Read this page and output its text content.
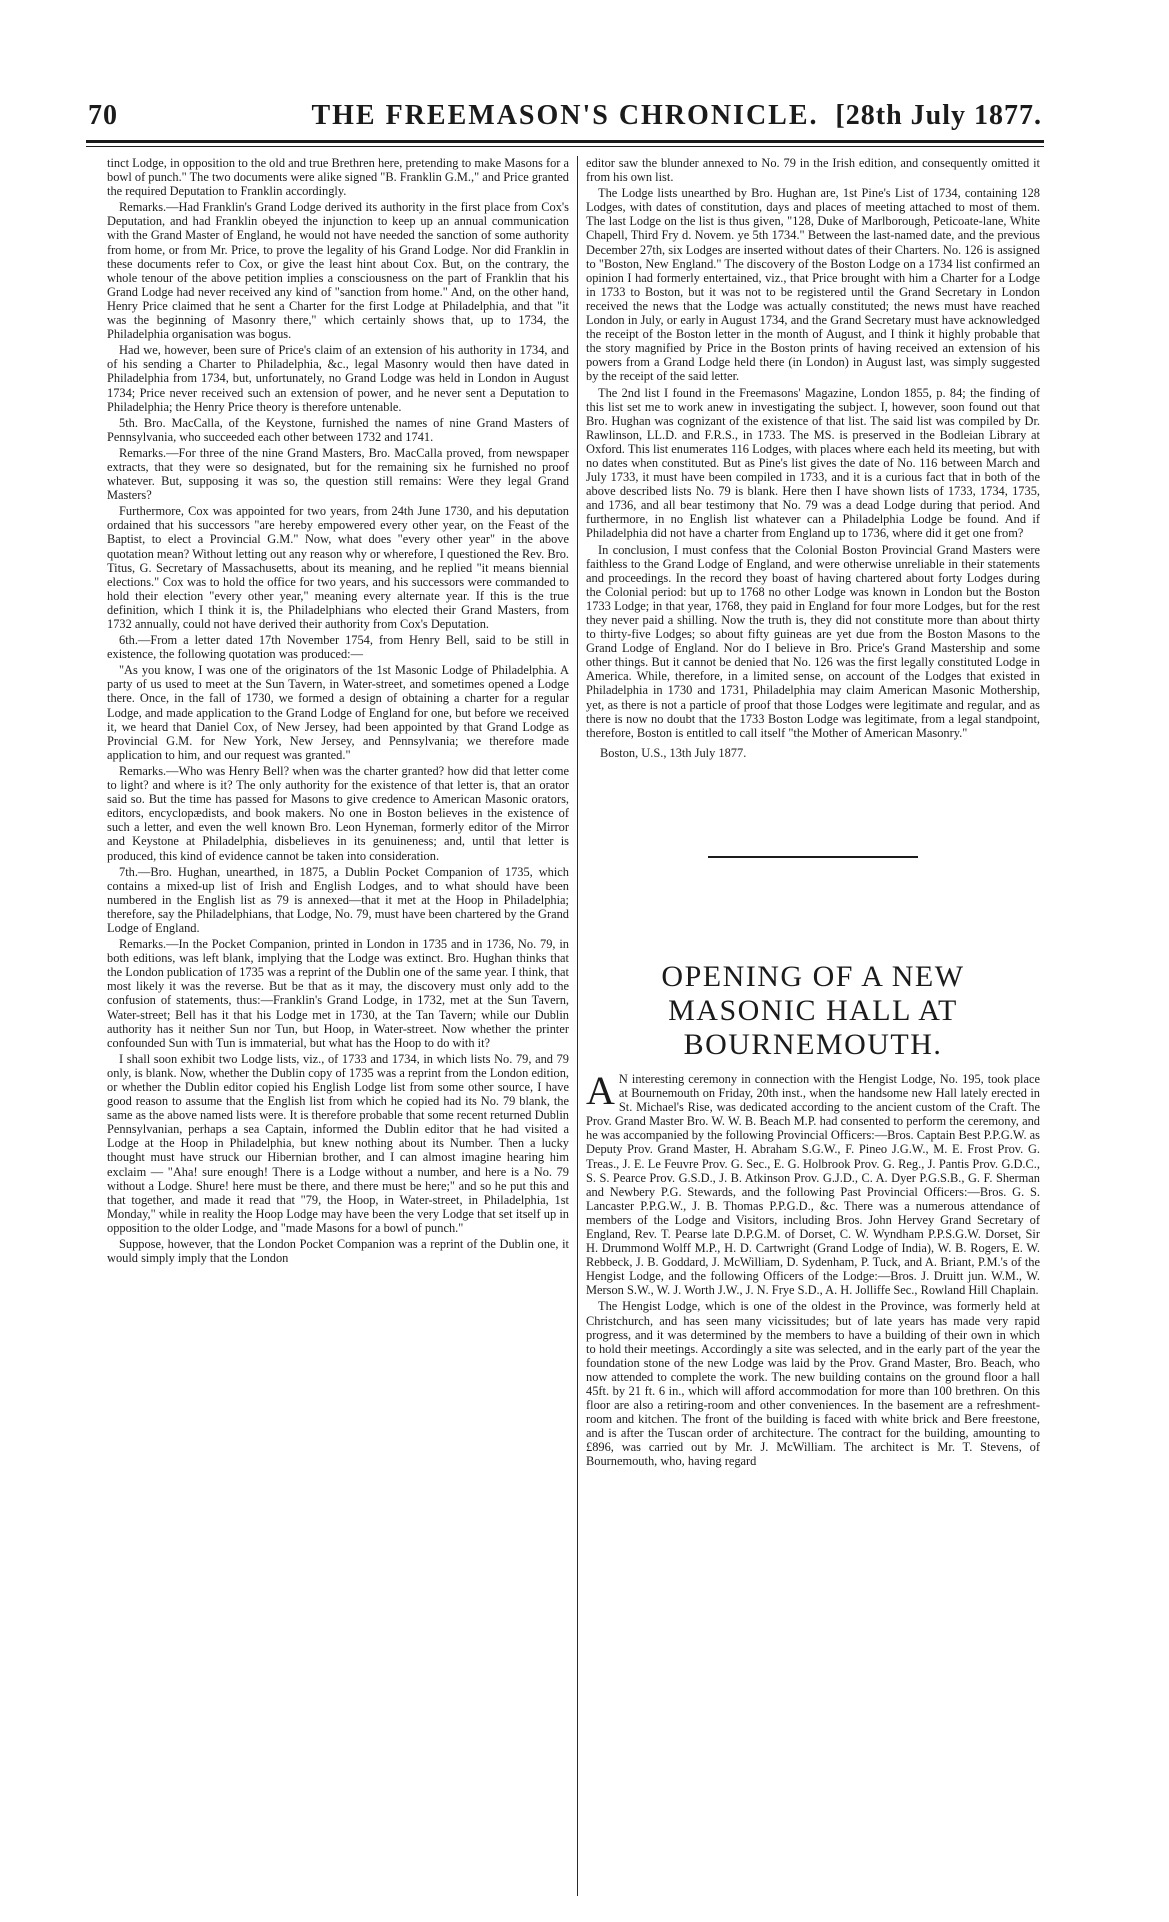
70	THE FREEMASON'S CHRONICLE. [28th July 1877.

tinct Lodge, in opposition to the old and true Brethren here, pretending to make Masons for a bowl of punch." The two documents were alike signed "B. Franklin G.M.," and Price granted the required Deputation to Franklin accordingly.

Remarks.—Had Franklin's Grand Lodge derived its authority in the first place from Cox's Deputation, and had Franklin obeyed the injunction to keep up an annual communication with the Grand Master of England, he would not have needed the sanction of some authority from home, or from Mr. Price, to prove the legality of his Grand Lodge. Nor did Franklin in these documents refer to Cox, or give the least hint about Cox. But, on the contrary, the whole tenour of the above petition implies a consciousness on the part of Franklin that his Grand Lodge had never received any kind of "sanction from home." And, on the other hand, Henry Price claimed that he sent a Charter for the first Lodge at Philadelphia, and that "it was the beginning of Masonry there," which certainly shows that, up to 1734, the Philadelphia organisation was bogus.

Had we, however, been sure of Price's claim of an extension of his authority in 1734, and of his sending a Charter to Philadelphia, &c., legal Masonry would then have dated in Philadelphia from 1734, but, unfortunately, no Grand Lodge was held in London in August 1734; Price never received such an extension of power, and he never sent a Deputation to Philadelphia; the Henry Price theory is therefore untenable.

5th. Bro. MacCalla, of the Keystone, furnished the names of nine Grand Masters of Pennsylvania, who succeeded each other between 1732 and 1741.

Remarks.—For three of the nine Grand Masters, Bro. MacCalla proved, from newspaper extracts, that they were so designated, but for the remaining six he furnished no proof whatever. But, supposing it was so, the question still remains: Were they legal Grand Masters?

Furthermore, Cox was appointed for two years, from 24th June 1730, and his deputation ordained that his successors "are hereby empowered every other year, on the Feast of the Baptist, to elect a Provincial G.M." Now, what does "every other year" in the above quotation mean? Without letting out any reason why or wherefore, I questioned the Rev. Bro. Titus, G. Secretary of Massachusetts, about its meaning, and he replied "it means biennial elections." Cox was to hold the office for two years, and his successors were commanded to hold their election "every other year," meaning every alternate year. If this is the true definition, which I think it is, the Philadelphians who elected their Grand Masters, from 1732 annually, could not have derived their authority from Cox's Deputation.

6th.—From a letter dated 17th November 1754, from Henry Bell, said to be still in existence, the following quotation was produced:—

"As you know, I was one of the originators of the 1st Masonic Lodge of Philadelphia. A party of us used to meet at the Sun Tavern, in Water-street, and sometimes opened a Lodge there. Once, in the fall of 1730, we formed a design of obtaining a charter for a regular Lodge, and made application to the Grand Lodge of England for one, but before we received it, we heard that Daniel Cox, of New Jersey, had been appointed by that Grand Lodge as Provincial G.M. for New York, New Jersey, and Pennsylvania; we therefore made application to him, and our request was granted."

Remarks.—Who was Henry Bell? when was the charter granted? how did that letter come to light? and where is it? The only authority for the existence of that letter is, that an orator said so. But the time has passed for Masons to give credence to American Masonic orators, editors, encyclopædists, and book makers. No one in Boston believes in the existence of such a letter, and even the well known Bro. Leon Hyneman, formerly editor of the Mirror and Keystone at Philadelphia, disbelieves in its genuineness; and, until that letter is produced, this kind of evidence cannot be taken into consideration.

7th.—Bro. Hughan, unearthed, in 1875, a Dublin Pocket Companion of 1735, which contains a mixed-up list of Irish and English Lodges, and to what should have been numbered in the English list as 79 is annexed—that it met at the Hoop in Philadelphia; therefore, say the Philadelphians, that Lodge, No. 79, must have been chartered by the Grand Lodge of England.

Remarks.—In the Pocket Companion, printed in London in 1735 and in 1736, No. 79, in both editions, was left blank, implying that the Lodge was extinct. Bro. Hughan thinks that the London publication of 1735 was a reprint of the Dublin one of the same year. I think, that most likely it was the reverse. But be that as it may, the discovery must only add to the confusion of statements, thus:—Franklin's Grand Lodge, in 1732, met at the Sun Tavern, Water-street; Bell has it that his Lodge met in 1730, at the Tan Tavern; while our Dublin authority has it neither Sun nor Tun, but Hoop, in Water-street. Now whether the printer confounded Sun with Tun is immaterial, but what has the Hoop to do with it?

I shall soon exhibit two Lodge lists, viz., of 1733 and 1734, in which lists No. 79, and 79 only, is blank. Now, whether the Dublin copy of 1735 was a reprint from the London edition, or whether the Dublin editor copied his English Lodge list from some other source, I have good reason to assume that the English list from which he copied had its No. 79 blank, the same as the above named lists were. It is therefore probable that some recent returned Dublin Pennsylvanian, perhaps a sea Captain, informed the Dublin editor that he had visited a Lodge at the Hoop in Philadelphia, but knew nothing about its Number. Then a lucky thought must have struck our Hibernian brother, and I can almost imagine hearing him exclaim — "Aha! sure enough! There is a Lodge without a number, and here is a No. 79 without a Lodge. Shure! here must be there, and there must be here;" and so he put this and that together, and made it read that "79, the Hoop, in Water-street, in Philadelphia, 1st Monday," while in reality the Hoop Lodge may have been the very Lodge that set itself up in opposition to the older Lodge, and "made Masons for a bowl of punch."

Suppose, however, that the London Pocket Companion was a reprint of the Dublin one, it would simply imply that the London

editor saw the blunder annexed to No. 79 in the Irish edition, and consequently omitted it from his own list.

The Lodge lists unearthed by Bro. Hughan are, 1st Pine's List of 1734, containing 128 Lodges, with dates of constitution, days and places of meeting attached to most of them. The last Lodge on the list is thus given, "128, Duke of Marlborough, Peticoate-lane, White Chapell, Third Fry d. Novem. ye 5th 1734." Between the last-named date, and the previous December 27th, six Lodges are inserted without dates of their Charters. No. 126 is assigned to "Boston, New England." The discovery of the Boston Lodge on a 1734 list confirmed an opinion I had formerly entertained, viz., that Price brought with him a Charter for a Lodge in 1733 to Boston, but it was not to be registered until the Grand Secretary in London received the news that the Lodge was actually constituted; the news must have reached London in July, or early in August 1734, and the Grand Secretary must have acknowledged the receipt of the Boston letter in the month of August, and I think it highly probable that the story magnified by Price in the Boston prints of having received an extension of his powers from a Grand Lodge held there (in London) in August last, was simply suggested by the receipt of the said letter.

The 2nd list I found in the Freemasons' Magazine, London 1855, p. 84; the finding of this list set me to work anew in investigating the subject. I, however, soon found out that Bro. Hughan was cognizant of the existence of that list. The said list was compiled by Dr. Rawlinson, LL.D. and F.R.S., in 1733. The MS. is preserved in the Bodleian Library at Oxford. This list enumerates 116 Lodges, with places where each held its meeting, but with no dates when constituted. But as Pine's list gives the date of No. 116 between March and July 1733, it must have been compiled in 1733, and it is a curious fact that in both of the above described lists No. 79 is blank. Here then I have shown lists of 1733, 1734, 1735, and 1736, and all bear testimony that No. 79 was a dead Lodge during that period. And furthermore, in no English list whatever can a Philadelphia Lodge be found. And if Philadelphia did not have a charter from England up to 1736, where did it get one from?

In conclusion, I must confess that the Colonial Boston Provincial Grand Masters were faithless to the Grand Lodge of England, and were otherwise unreliable in their statements and proceedings. In the record they boast of having chartered about forty Lodges during the Colonial period: but up to 1768 no other Lodge was known in London but the Boston 1733 Lodge; in that year, 1768, they paid in England for four more Lodges, but for the rest they never paid a shilling. Now the truth is, they did not constitute more than about thirty to thirty-five Lodges; so about fifty guineas are yet due from the Boston Masons to the Grand Lodge of England. Nor do I believe in Bro. Price's Grand Mastership and some other things. But it cannot be denied that No. 126 was the first legally constituted Lodge in America. While, therefore, in a limited sense, on account of the Lodges that existed in Philadelphia in 1730 and 1731, Philadelphia may claim American Masonic Mothership, yet, as there is not a particle of proof that those Lodges were legitimate and regular, and as there is now no doubt that the 1733 Boston Lodge was legitimate, from a legal standpoint, therefore, Boston is entitled to call itself "the Mother of American Masonry."

Boston, U.S., 13th July 1877.

OPENING OF A NEW MASONIC HALL AT BOURNEMOUTH.

A N interesting ceremony in connection with the Hengist Lodge, No. 195, took place at Bournemouth on Friday, 20th inst., when the handsome new Hall lately erected in St. Michael's Rise, was dedicated according to the ancient custom of the Craft. The Prov. Grand Master Bro. W. W. B. Beach M.P. had consented to perform the ceremony, and he was accompanied by the following Provincial Officers:—Bros. Captain Best P.P.G.W. as Deputy Prov. Grand Master, H. Abraham S.G.W., F. Pineo J.G.W., M. E. Frost Prov. G. Treas., J. E. Le Feuvre Prov. G. Sec., E. G. Holbrook Prov. G. Reg., J. Pantis Prov. G.D.C., S. S. Pearce Prov. G.S.D., J. B. Atkinson Prov. G.J.D., C. A. Dyer P.G.S.B., G. F. Sherman and Newbery P.G. Stewards, and the following Past Provincial Officers:—Bros. G. S. Lancaster P.P.G.W., J. B. Thomas P.P.G.D., &c. There was a numerous attendance of members of the Lodge and Visitors, including Bros. John Hervey Grand Secretary of England, Rev. T. Pearse late D.P.G.M. of Dorset, C. W. Wyndham P.P.S.G.W. Dorset, Sir H. Drummond Wolff M.P., H. D. Cartwright (Grand Lodge of India), W. B. Rogers, E. W. Rebbeck, J. B. Goddard, J. McWilliam, D. Sydenham, P. Tuck, and A. Briant, P.M.'s of the Hengist Lodge, and the following Officers of the Lodge:—Bros. J. Druitt jun. W.M., W. Merson S.W., W. J. Worth J.W., J. N. Frye S.D., A. H. Jolliffe Sec., Rowland Hill Chaplain.

The Hengist Lodge, which is one of the oldest in the Province, was formerly held at Christchurch, and has seen many vicissitudes; but of late years has made very rapid progress, and it was determined by the members to have a building of their own in which to hold their meetings. Accordingly a site was selected, and in the early part of the year the foundation stone of the new Lodge was laid by the Prov. Grand Master, Bro. Beach, who now attended to complete the work. The new building contains on the ground floor a hall 45ft. by 21 ft. 6 in., which will afford accommodation for more than 100 brethren. On this floor are also a retiring-room and other conveniences. In the basement are a refreshment-room and kitchen. The front of the building is faced with white brick and Bere freestone, and is after the Tuscan order of architecture. The contract for the building, amounting to £896, was carried out by Mr. J. McWilliam. The architect is Mr. T. Stevens, of Bournemouth, who, having regard
